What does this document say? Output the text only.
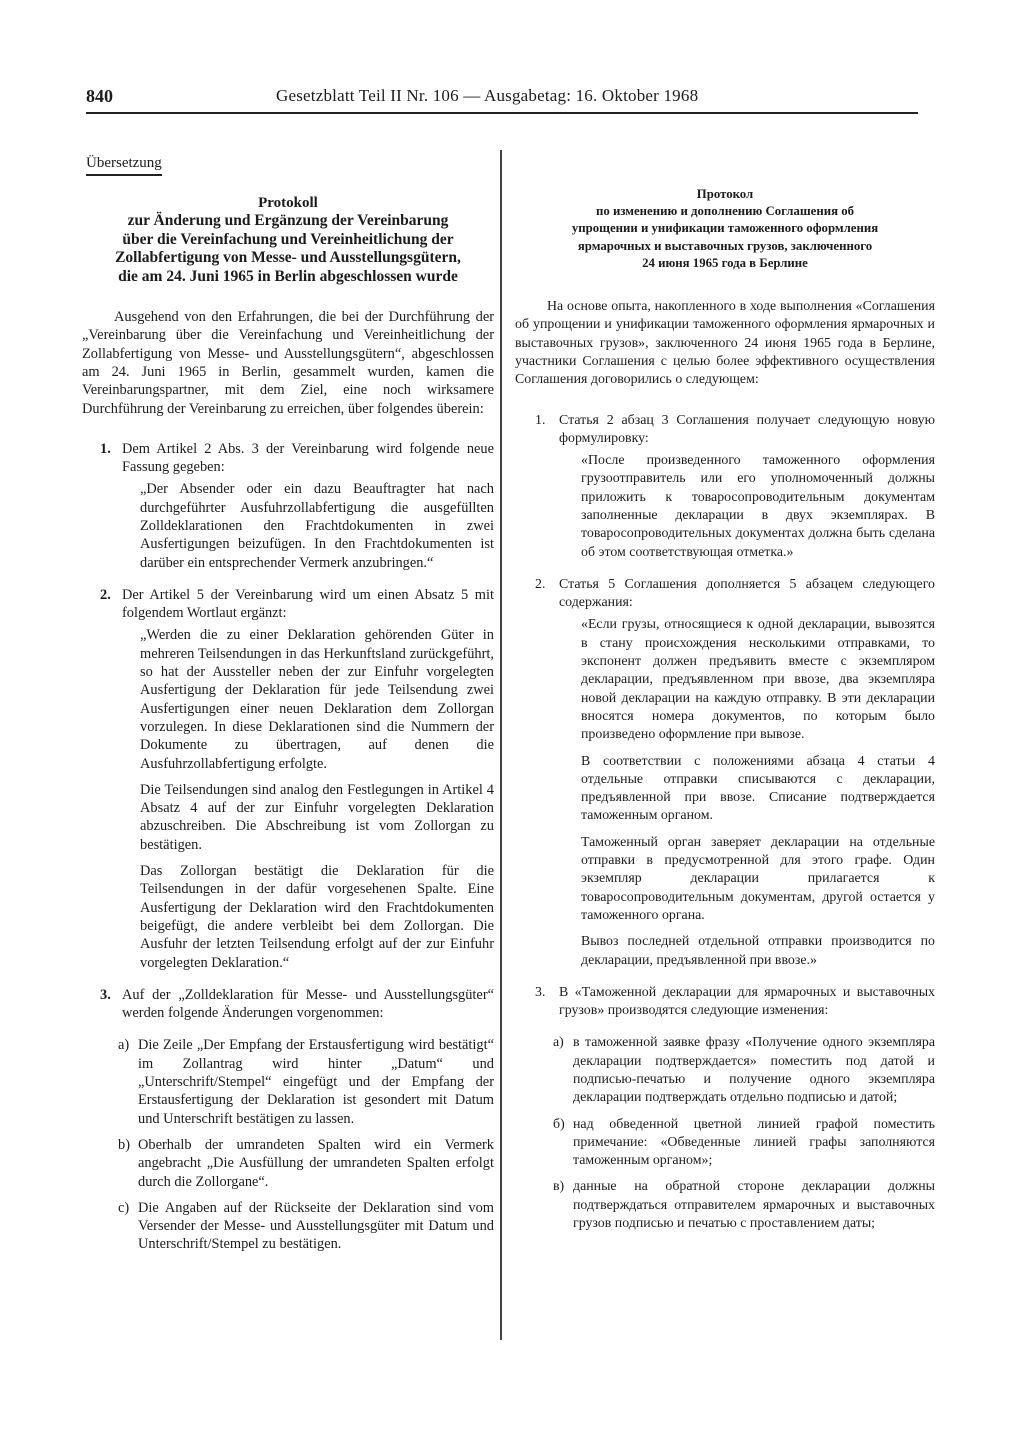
840	Gesetzblatt Teil II Nr. 106 — Ausgabetag: 16. Oktober 1968
Übersetzung
Protokoll
zur Änderung und Ergänzung der Vereinbarung
über die Vereinfachung und Vereinheitlichung der
Zollabfertigung von Messe- und Ausstellungsgütern,
die am 24. Juni 1965 in Berlin abgeschlossen wurde

Ausgehend von den Erfahrungen, die bei der Durchführung der „Vereinbarung über die Vereinfachung und Vereinheitlichung der Zollabfertigung von Messe- und Ausstellungsgütern“, abgeschlossen am 24. Juni 1965 in Berlin, gesammelt wurden, kamen die Vereinbarungspartner, mit dem Ziel, eine noch wirksamere Durchführung der Vereinbarung zu erreichen, über folgendes überein:

1. Dem Artikel 2 Abs. 3 der Vereinbarung wird folgende neue Fassung gegeben:

„Der Absender oder ein dazu Beauftragter hat nach durchgeführter Ausfuhrzollabfertigung die ausgefüllten Zolldeklarationen den Frachtdokumenten in zwei Ausfertigungen beizufügen. In den Frachtdokumenten ist darüber ein entsprechender Vermerk anzubringen.“

2. Der Artikel 5 der Vereinbarung wird um einen Absatz 5 mit folgendem Wortlaut ergänzt:

„Werden die zu einer Deklaration gehörenden Güter in mehreren Teilsendungen in das Herkunftsland zurückgeführt, so hat der Aussteller neben der zur Einfuhr vorgelegten Ausfertigung der Deklaration für jede Teilsendung zwei Ausfertigungen einer neuen Deklaration dem Zollorgan vorzulegen. In diese Deklarationen sind die Nummern der Dokumente zu übertragen, auf denen die Ausfuhrzollabfertigung erfolgte.

Die Teilsendungen sind analog den Festlegungen in Artikel 4 Absatz 4 auf der zur Einfuhr vorgelegten Deklaration abzuschreiben. Die Abschreibung ist vom Zollorgan zu bestätigen.

Das Zollorgan bestätigt die Deklaration für die Teilsendungen in der dafür vorgesehenen Spalte. Eine Ausfertigung der Deklaration wird den Frachtdokumenten beigefügt, die andere verbleibt bei dem Zollorgan. Die Ausfuhr der letzten Teilsendung erfolgt auf der zur Einfuhr vorgelegten Deklaration.“

3. Auf der „Zolldeklaration für Messe- und Ausstellungsgüter“ werden folgende Änderungen vorgenommen:

a) Die Zeile „Der Empfang der Erstausfertigung wird bestätigt“ im Zollantrag wird hinter „Datum“ und „Unterschrift/Stempel“ eingefügt und der Empfang der Erstausfertigung der Deklaration ist gesondert mit Datum und Unterschrift bestätigen zu lassen.

b) Oberhalb der umrandeten Spalten wird ein Vermerk angebracht „Die Ausfüllung der umrandeten Spalten erfolgt durch die Zollorgane“.

c) Die Angaben auf der Rückseite der Deklaration sind vom Versender der Messe- und Ausstellungsgüter mit Datum und Unterschrift/Stempel zu bestätigen.

Протокол
по изменению и дополнению Соглашения об
упрощении и унификации таможенного оформления
ярмарочных и выставочных грузов, заключенного
24 июня 1965 года в Берлине

На основе опыта, накопленного в ходе выполнения «Соглашения об упрощении и унификации таможенного оформления ярмарочных и выставочных грузов», заключенного 24 июня 1965 года в Берлине, участники Соглашения с целью более эффективного осуществления Соглашения договорились о следующем:

1. Статья 2 абзац 3 Соглашения получает следующую новую формулировку:

«После произведенного таможенного оформления грузоотправитель или его уполномоченный должны приложить к товаросопроводительным документам заполненные декларации в двух экземплярах. В товаросопроводительных документах должна быть сделана об этом соответствующая отметка.»

2. Статья 5 Соглашения дополняется 5 абзацем следующего содержания:

«Если грузы, относящиеся к одной декларации, вывозятся в стану происхождения несколькими отправками, то экспонент должен предъявить вместе с экземпляром декларации, предъявленном при ввозе, два экземпляра новой декларации на каждую отправку. В эти декларации вносятся номера документов, по которым было произведено оформление при вывозе.

В соответствии с положениями абзаца 4 статьи 4 отдельные отправки списываются с декларации, предъявленной при ввозе. Списание подтверждается таможенным органом.

Таможенный орган заверяет декларации на отдельные отправки в предусмотренной для этого графе. Один экземпляр декларации прилагается к товаросопроводительным документам, другой остается у таможенного органа.

Вывоз последней отдельной отправки производится по декларации, предъявленной при ввозе.»

3. В «Таможенной декларации для ярмарочных и выставочных грузов» производятся следующие изменения:

а) в таможенной заявке фразу «Получение одного экземпляра декларации подтверждается» поместить под датой и подписью-печатью и получение одного экземпляра декларации подтверждать отдельно подписью и датой;

б) над обведенной цветной линией графой поместить примечание: «Обведенные линией графы заполняются таможенным органом»;

в) данные на обратной стороне декларации должны подтверждаться отправителем ярмарочных и выставочных грузов подписью и печатью с проставлением даты;
